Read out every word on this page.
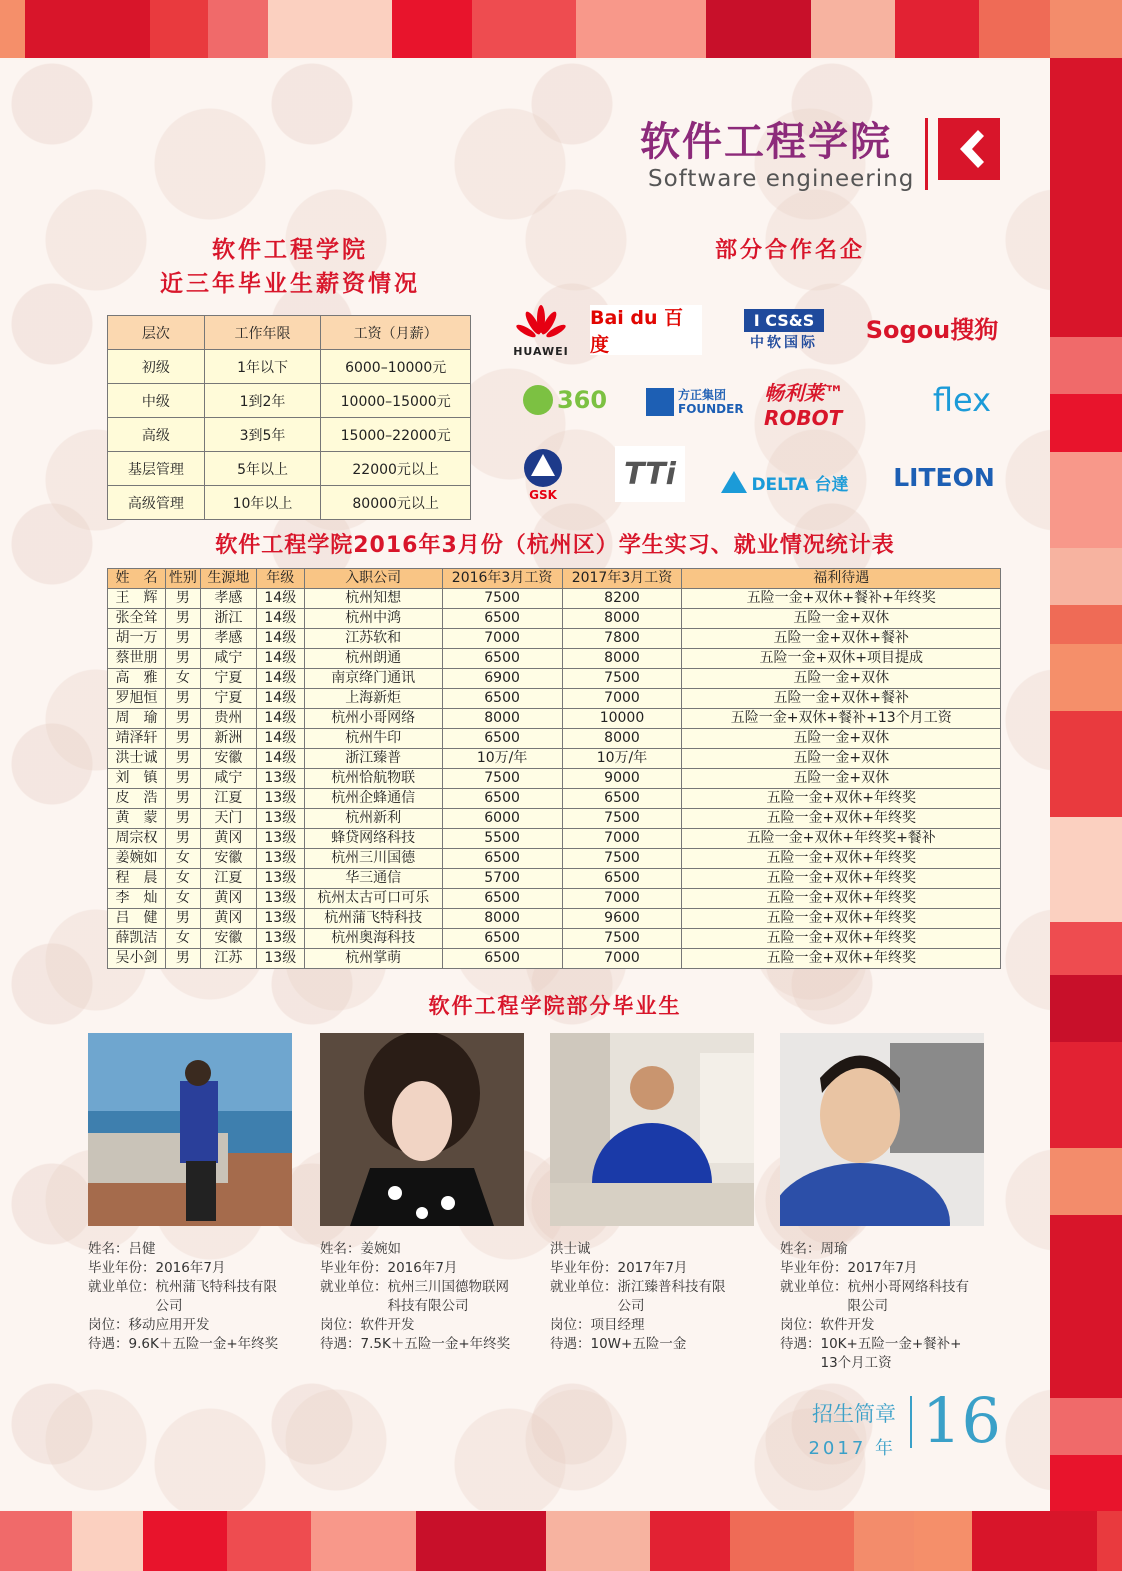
软件工程学院
Software engineering
软件工程学院
近三年毕业生薪资情况
层次	工作年限	工资（月薪）
初级	1年以下	6000–10000元
中级	1到2年	10000–15000元
高级	3到5年	15000–22000元
基层管理	5年以上	22000元以上
高级管理	10年以上	80000元以上
部分合作名企
HUAWEI
Bai du 百度
I CS&S
中软国际 Sogou搜狗
360	方正集团 FOUNDER
畅利莱™ ROBOT	flex
GSK
TTi	DELTA 台達 LITEON
软件工程学院2016年3月份（杭州区）学生实习、就业情况统计表
姓　名	性别	生源地	年级	入职公司	2016年3月工资	2017年3月工资	福利待遇
王　辉	男	孝感	14级	杭州知想	7500	8200	五险一金+双休+餐补+年终奖
张全耸	男	浙江	14级	杭州中鸿	6500	8000	五险一金+双休
胡一万	男	孝感	14级	江苏软和	7000	7800	五险一金+双休+餐补
蔡世朋	男	咸宁	14级	杭州朗通	6500	8000	五险一金+双休+项目提成
高　雅	女	宁夏	14级	南京绛门通讯	6900	7500	五险一金+双休
罗旭恒	男	宁夏	14级	上海新炬	6500	7000	五险一金+双休+餐补
周　瑜	男	贵州	14级	杭州小哥网络	8000	10000	五险一金+双休+餐补+13个月工资
靖泽轩	男	新洲	14级	杭州牛印	6500	8000	五险一金+双休
洪士诚	男	安徽	14级	浙江臻普	10万/年	10万/年	五险一金+双休
刘　镇	男	咸宁	13级	杭州恰航物联	7500	9000	五险一金+双休
皮　浩	男	江夏	13级	杭州企蜂通信	6500	6500	五险一金+双休+年终奖
黄　蒙	男	天门	13级	杭州新利	6000	7500	五险一金+双休+年终奖
周宗权	男	黄冈	13级	蜂贷网络科技	5500	7000	五险一金+双休+年终奖+餐补
姜婉如	女	安徽	13级	杭州三川国德	6500	7500	五险一金+双休+年终奖
程　晨	女	江夏	13级	华三通信	5700	6500	五险一金+双休+年终奖
李　灿	女	黄冈	13级	杭州太古可口可乐	6500	7000	五险一金+双休+年终奖
吕　健	男	黄冈	13级	杭州蒲飞特科技	8000	9600	五险一金+双休+年终奖
薛凯洁	女	安徽	13级	杭州奥海科技	6500	7500	五险一金+双休+年终奖
吴小剑	男	江苏	13级	杭州掌萌	6500	7000	五险一金+双休+年终奖
软件工程学院部分毕业生
姓名：吕健
毕业年份：2016年7月
就业单位：杭州蒲飞特科技有限
　　　　　公司
岗位：移动应用开发
待遇：9.6K＋五险一金+年终奖
姓名：姜婉如
毕业年份：2016年7月
就业单位：杭州三川国德物联网
　　　　　科技有限公司
岗位：软件开发
待遇：7.5K＋五险一金+年终奖
洪士诚
毕业年份：2017年7月
就业单位：浙江臻普科技有限
　　　　　公司
岗位：项目经理
待遇：10W+五险一金
姓名：周瑜
毕业年份：2017年7月
就业单位：杭州小哥网络科技有
　　　　　限公司
岗位：软件开发
待遇：10K+五险一金+餐补+
　　　13个月工资
招生简章
2017 年 16
